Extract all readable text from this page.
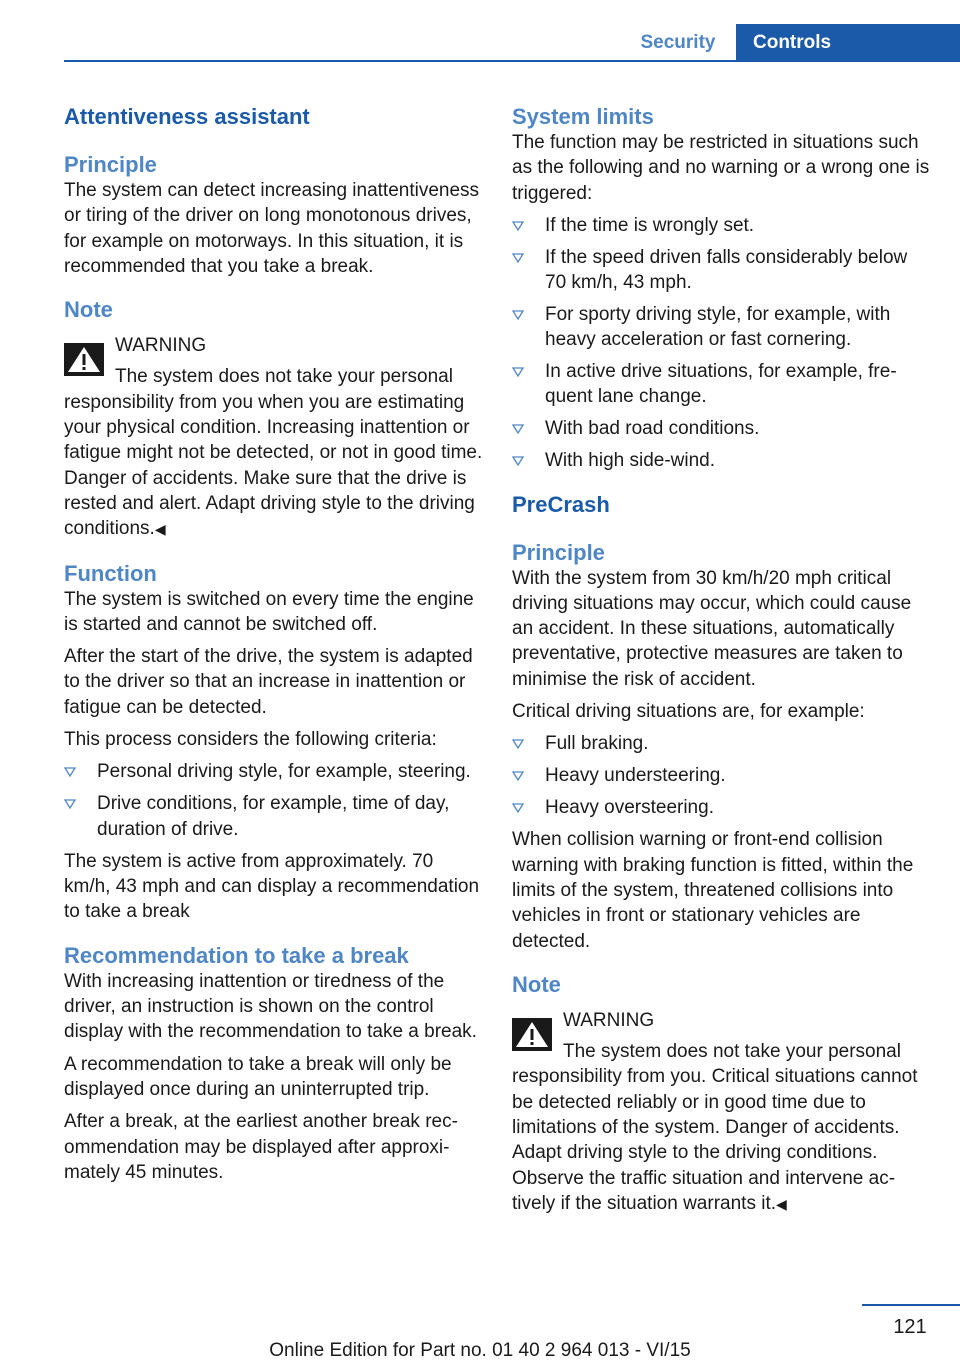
Security	Controls
Attentiveness assistant
Principle

The system can detect increasing inattentiveness or tiring of the driver on long monotonous drives, for example on motorways. In this situation, it is recommended that you take a break.

Note
WARNING
The system does not take your personal responsibility from you when you are estimating your physical condition. Increasing inattention or fatigue might not be detected, or not in good time. Danger of accidents. Make sure that the drive is rested and alert. Adapt driving style to the driving conditions.◀
Function

The system is switched on every time the engine is started and cannot be switched off.

After the start of the drive, the system is adapted to the driver so that an increase in inattention or fatigue can be detected.

This process considers the following criteria:

Personal driving style, for example, steering.
Drive conditions, for example, time of day, duration of drive.

The system is active from approximately. 70 km/h, 43 mph and can display a recommendation to take a break

Recommendation to take a break

With increasing inattention or tiredness of the driver, an instruction is shown on the control display with the recommendation to take a break.

A recommendation to take a break will only be displayed once during an uninterrupted trip.

After a break, at the earliest another break recommendation may be displayed after approximately 45 minutes.

System limits

The function may be restricted in situations such as the following and no warning or a wrong one is triggered:

If the time is wrongly set.
If the speed driven falls considerably below 70 km/h, 43 mph.
For sporty driving style, for example, with heavy acceleration or fast cornering.
In active drive situations, for example, frequent lane change.
With bad road conditions.
With high side-wind.
PreCrash
Principle

With the system from 30 km/h/20 mph critical driving situations may occur, which could cause an accident. In these situations, automatically preventative, protective measures are taken to minimise the risk of accident.

Critical driving situations are, for example:

Full braking.
Heavy understeering.
Heavy oversteering.

When collision warning or front-end collision warning with braking function is fitted, within the limits of the system, threatened collisions into vehicles in front or stationary vehicles are detected.

Note
WARNING
The system does not take your personal responsibility from you. Critical situations cannot be detected reliably or in good time due to limitations of the system. Danger of accidents. Adapt driving style to the driving conditions. Observe the traffic situation and intervene actively if the situation warrants it.◀
121
Online Edition for Part no. 01 40 2 964 013 - VI/15
